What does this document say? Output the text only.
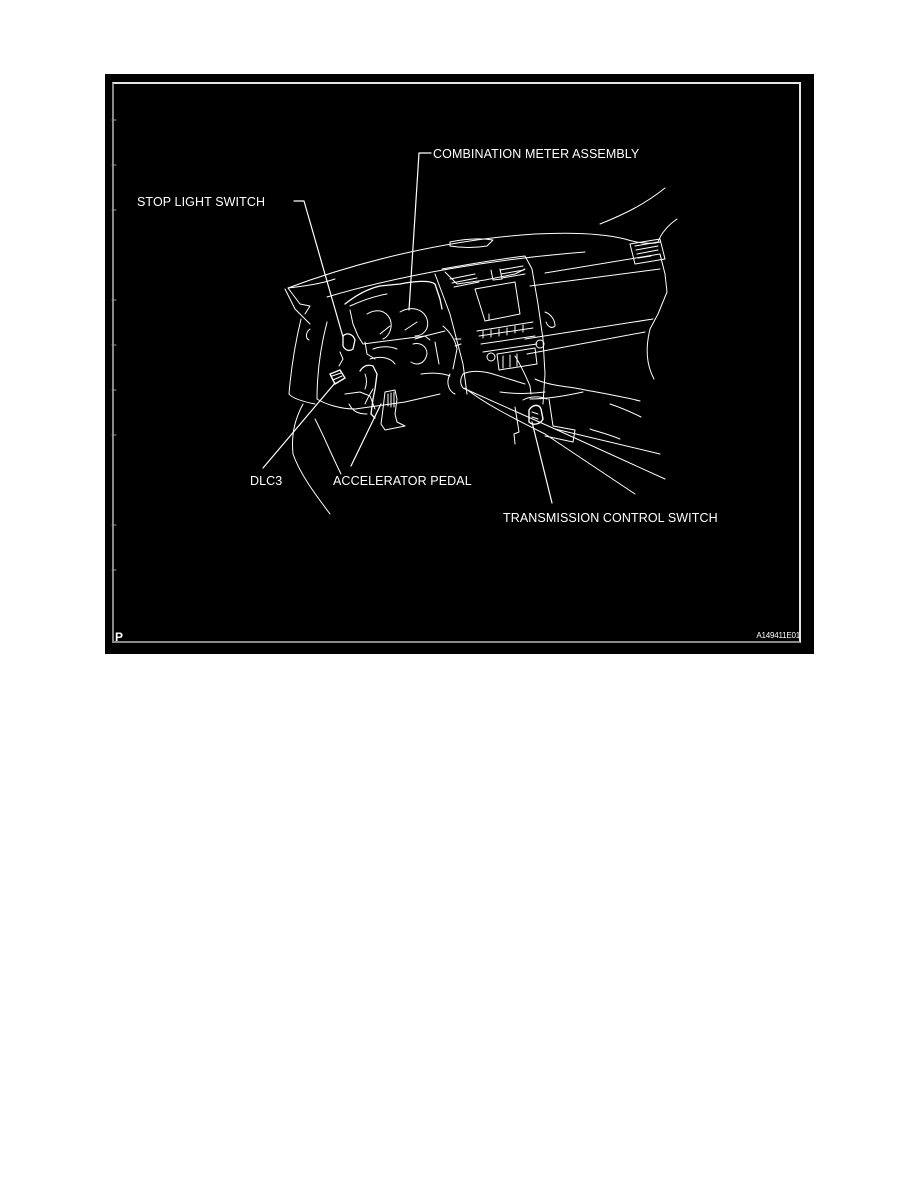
COMBINATION METER ASSEMBLY
STOP LIGHT SWITCH
DLC3	ACCELERATOR PEDAL
TRANSMISSION CONTROL SWITCH
P	A149411E01
